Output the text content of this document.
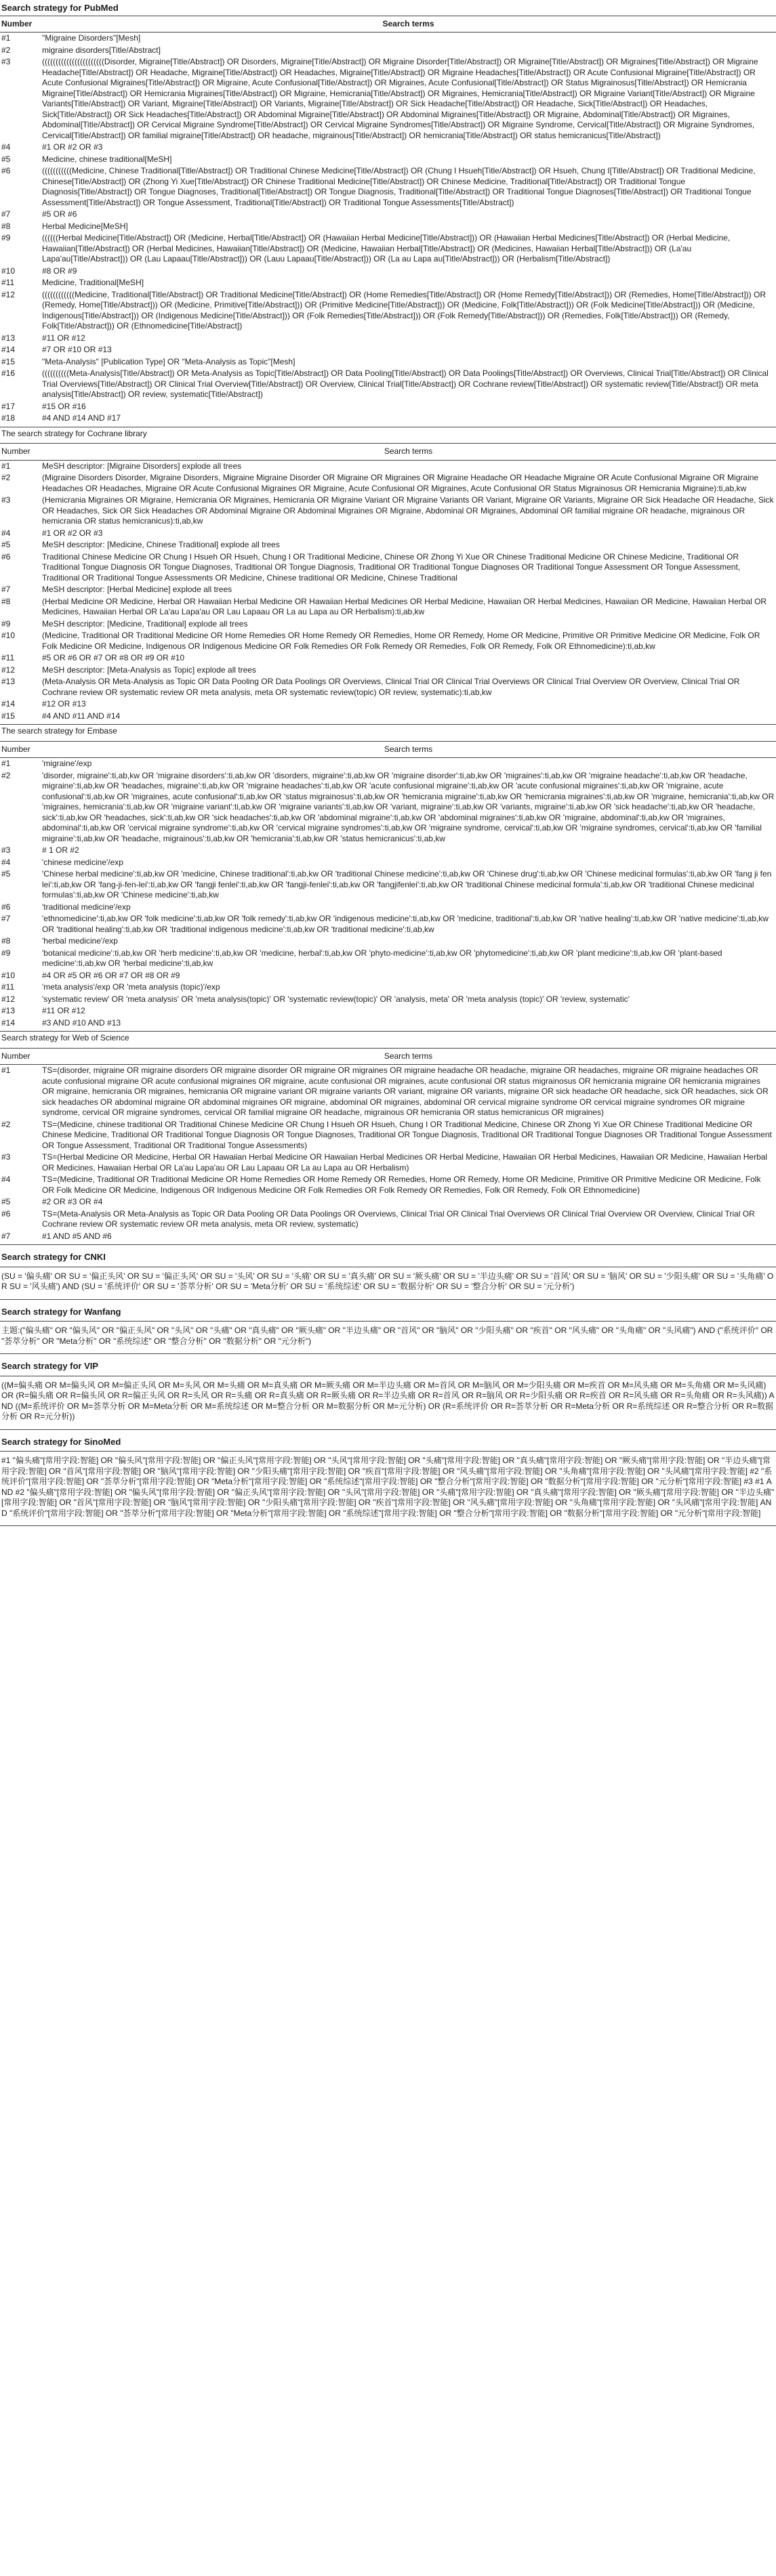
Search strategy for PubMed
Number	Search terms
#1	"Migraine Disorders"[Mesh]
#2	migraine disorders[Title/Abstract]
#3	(((((((((((((((((((((((Disorder, Migraine[Title/Abstract]) OR Disorders, Migraine[Title/Abstract]) OR Migraine Disorder[Title/Abstract]) OR Migraine[Title/Abstract]) OR Migraines[Title/Abstract]) OR Migraine Headache[Title/Abstract]) OR Headache, Migraine[Title/Abstract]) OR Headaches, Migraine[Title/Abstract]) OR Migraine Headaches[Title/Abstract]) OR Acute Confusional Migraine[Title/Abstract]) OR Acute Confusional Migraines[Title/Abstract]) OR Migraine, Acute Confusional[Title/Abstract]) OR Migraines, Acute Confusional[Title/Abstract]) OR Status Migrainosus[Title/Abstract]) OR Hemicrania Migraine[Title/Abstract]) OR Hemicrania Migraines[Title/Abstract]) OR Migraine, Hemicrania[Title/Abstract]) OR Migraines, Hemicrania[Title/Abstract]) OR Migraine Variant[Title/Abstract]) OR Migraine Variants[Title/Abstract]) OR Variant, Migraine[Title/Abstract]) OR Variants, Migraine[Title/Abstract]) OR Sick Headache[Title/Abstract]) OR Headache, Sick[Title/Abstract]) OR Headaches, Sick[Title/Abstract]) OR Sick Headaches[Title/Abstract]) OR Abdominal Migraine[Title/Abstract]) OR Abdominal Migraines[Title/Abstract]) OR Migraine, Abdominal[Title/Abstract]) OR Migraines, Abdominal[Title/Abstract]) OR Cervical Migraine Syndrome[Title/Abstract]) OR Cervical Migraine Syndromes[Title/Abstract]) OR Migraine Syndrome, Cervical[Title/Abstract]) OR Migraine Syndromes, Cervical[Title/Abstract]) OR familial migraine[Title/Abstract]) OR headache, migrainous[Title/Abstract]) OR hemicrania[Title/Abstract]) OR status hemicranicus[Title/Abstract])
#4	#1 OR #2 OR #3
#5	Medicine, chinese traditional[MeSH]
#6	(((((((((((Medicine, Chinese Traditional[Title/Abstract]) OR Traditional Chinese Medicine[Title/Abstract]) OR (Chung I Hsueh[Title/Abstract]) OR Hsueh, Chung I[Title/Abstract]) OR Traditional Medicine, Chinese[Title/Abstract]) OR (Zhong Yi Xue[Title/Abstract]) OR Chinese Traditional Medicine[Title/Abstract]) OR Chinese Medicine, Traditional[Title/Abstract]) OR Traditional Tongue Diagnosis[Title/Abstract]) OR Tongue Diagnoses, Traditional[Title/Abstract]) OR Tongue Diagnosis, Traditional[Title/Abstract]) OR Traditional Tongue Diagnoses[Title/Abstract]) OR Traditional Tongue Assessment[Title/Abstract]) OR Tongue Assessment, Traditional[Title/Abstract]) OR Traditional Tongue Assessments[Title/Abstract])
#7	#5 OR #6
#8	Herbal Medicine[MeSH]
#9	((((((Herbal Medicine[Title/Abstract]) OR (Medicine, Herbal[Title/Abstract]) OR (Hawaiian Herbal Medicine[Title/Abstract])) OR (Hawaiian Herbal Medicines[Title/Abstract]) OR (Herbal Medicine, Hawaiian[Title/Abstract]) OR (Herbal Medicines, Hawaiian[Title/Abstract]) OR (Medicine, Hawaiian Herbal[Title/Abstract]) OR (Medicines, Hawaiian Herbal[Title/Abstract])) OR (La'au Lapa'au[Title/Abstract])) OR (Lau Lapaau[Title/Abstract])) OR (Lauu Lapaau[Title/Abstract])) OR (La au Lapa au[Title/Abstract])) OR (Herbalism[Title/Abstract])
#10	#8 OR #9
#11	Medicine, Traditional[MeSH]
#12	((((((((((((Medicine, Traditional[Title/Abstract]) OR Traditional Medicine[Title/Abstract]) OR (Home Remedies[Title/Abstract]) OR (Home Remedy[Title/Abstract])) OR (Remedies, Home[Title/Abstract])) OR (Remedy, Home[Title/Abstract])) OR (Medicine, Primitive[Title/Abstract])) OR (Primitive Medicine[Title/Abstract])) OR (Medicine, Folk[Title/Abstract])) OR (Folk Medicine[Title/Abstract])) OR (Medicine, Indigenous[Title/Abstract])) OR (Indigenous Medicine[Title/Abstract])) OR (Folk Remedies[Title/Abstract])) OR (Folk Remedy[Title/Abstract])) OR (Remedies, Folk[Title/Abstract])) OR (Remedy, Folk[Title/Abstract])) OR (Ethnomedicine[Title/Abstract])
#13	#11 OR #12
#14	#7 OR #10 OR #13
#15	"Meta-Analysis" [Publication Type] OR "Meta-Analysis as Topic"[Mesh]
#16	((((((((((Meta-Analysis[Title/Abstract]) OR Meta-Analysis as Topic[Title/Abstract]) OR Data Pooling[Title/Abstract]) OR Data Poolings[Title/Abstract]) OR Overviews, Clinical Trial[Title/Abstract]) OR Clinical Trial Overviews[Title/Abstract]) OR Clinical Trial Overview[Title/Abstract]) OR Overview, Clinical Trial[Title/Abstract]) OR Cochrane review[Title/Abstract]) OR systematic review[Title/Abstract]) OR meta analysis[Title/Abstract]) OR review, systematic[Title/Abstract])
#17	#15 OR #16
#18	#4 AND #14 AND #17
The search strategy for Cochrane library
Number	Search terms
#1	MeSH descriptor: [Migraine Disorders] explode all trees
#2	(Migraine Disorders Disorder, Migraine Disorders, Migraine Migraine Disorder OR Migraine OR Migraines OR Migraine Headache OR Headache Migraine OR Acute Confusional Migraine OR Migraine Headaches OR Headaches, Migraine OR Acute Confusional Migraines OR Migraine, Acute Confusional OR Migraines, Acute Confusional OR Status Migrainosus OR Hemicrania Migraine):ti,ab,kw
#3	(Hemicrania Migraines OR Migraine, Hemicrania OR Migraines, Hemicrania OR Migraine Variant OR Migraine Variants OR Variant, Migraine OR Variants, Migraine OR Sick Headache OR Headache, Sick OR Headaches, Sick OR Sick Headaches OR Abdominal Migraine OR Abdominal Migraines OR Migraine, Abdominal OR Migraines, Abdominal OR familial migraine OR headache, migrainous OR hemicrania OR status hemicranicus):ti,ab,kw
#4	#1 OR #2 OR #3
#5	MeSH descriptor: [Medicine, Chinese Traditional] explode all trees
#6	Traditional Chinese Medicine OR Chung I Hsueh OR Hsueh, Chung I OR Traditional Medicine, Chinese OR Zhong Yi Xue OR Chinese Traditional Medicine OR Chinese Medicine, Traditional OR Traditional Tongue Diagnosis OR Tongue Diagnoses, Traditional OR Tongue Diagnosis, Traditional OR Traditional Tongue Diagnoses OR Traditional Tongue Assessment OR Tongue Assessment, Traditional OR Traditional Tongue Assessments OR Medicine, Chinese traditional OR Medicine, Chinese Traditional
#7	MeSH descriptor: [Herbal Medicine] explode all trees
#8	(Herbal Medicine OR Medicine, Herbal OR Hawaiian Herbal Medicine OR Hawaiian Herbal Medicines OR Herbal Medicine, Hawaiian OR Herbal Medicines, Hawaiian OR Medicine, Hawaiian Herbal OR Medicines, Hawaiian Herbal OR La'au Lapa'au OR Lau Lapaau OR La au Lapa au OR Herbalism):ti,ab,kw
#9	MeSH descriptor: [Medicine, Traditional] explode all trees
#10	(Medicine, Traditional OR Traditional Medicine OR Home Remedies OR Home Remedy OR Remedies, Home OR Remedy, Home OR Medicine, Primitive OR Primitive Medicine OR Medicine, Folk OR Folk Medicine OR Medicine, Indigenous OR Indigenous Medicine OR Folk Remedies OR Folk Remedy OR Remedies, Folk OR Remedy, Folk OR Ethnomedicine):ti,ab,kw
#11	#5 OR #6 OR #7 OR #8 OR #9 OR #10
#12	MeSH descriptor: [Meta-Analysis as Topic] explode all trees
#13	(Meta-Analysis OR Meta-Analysis as Topic OR Data Pooling OR Data Poolings OR Overviews, Clinical Trial OR Clinical Trial Overviews OR Clinical Trial Overview OR Overview, Clinical Trial OR Cochrane review OR systematic review OR meta analysis, meta OR systematic review(topic) OR review, systematic):ti,ab,kw
#14	#12 OR #13
#15	#4 AND #11 AND #14
The search strategy for Embase
Number	Search terms
#1	'migraine'/exp
#2	'disorder, migraine':ti,ab,kw OR 'migraine disorders':ti,ab,kw OR 'disorders, migraine':ti,ab,kw OR 'migraine disorder':ti,ab,kw OR 'migraines':ti,ab,kw OR 'migraine headache':ti,ab,kw OR 'headache, migraine':ti,ab,kw OR 'headaches, migraine':ti,ab,kw OR 'migraine headaches':ti,ab,kw OR 'acute confusional migraine':ti,ab,kw OR 'acute confusional migraines':ti,ab,kw OR 'migraine, acute confusional':ti,ab,kw OR 'migraines, acute confusional':ti,ab,kw OR 'status migrainosus':ti,ab,kw OR 'hemicrania migraine':ti,ab,kw OR 'hemicrania migraines':ti,ab,kw OR 'migraine, hemicrania':ti,ab,kw OR 'migraines, hemicrania':ti,ab,kw OR 'migraine variant':ti,ab,kw OR 'migraine variants':ti,ab,kw OR 'variant, migraine':ti,ab,kw OR 'variants, migraine':ti,ab,kw OR 'sick headache':ti,ab,kw OR 'headache, sick':ti,ab,kw OR 'headaches, sick':ti,ab,kw OR 'sick headaches':ti,ab,kw OR 'abdominal migraine':ti,ab,kw OR 'abdominal migraines':ti,ab,kw OR 'migraine, abdominal':ti,ab,kw OR 'migraines, abdominal':ti,ab,kw OR 'cervical migraine syndrome':ti,ab,kw OR 'cervical migraine syndromes':ti,ab,kw OR 'migraine syndrome, cervical':ti,ab,kw OR 'migraine syndromes, cervical':ti,ab,kw OR 'familial migraine':ti,ab,kw OR 'headache, migrainous':ti,ab,kw OR 'hemicrania':ti,ab,kw OR 'status hemicranicus':ti,ab,kw
#3	# 1 OR #2
#4	'chinese medicine'/exp
#5	'Chinese herbal medicine':ti,ab,kw OR 'medicine, Chinese traditional':ti,ab,kw OR 'traditional Chinese medicine':ti,ab,kw OR 'Chinese drug':ti,ab,kw OR 'Chinese medicinal formulas':ti,ab,kw OR 'fang ji fen lei':ti,ab,kw OR 'fang-ji-fen-lei':ti,ab,kw OR 'fangji fenlei':ti,ab,kw OR 'fangji-fenlei':ti,ab,kw OR 'fangjifenlei':ti,ab,kw OR 'traditional Chinese medicinal formula':ti,ab,kw OR 'traditional Chinese medicinal formulas':ti,ab,kw OR 'Chinese medicine':ti,ab,kw
#6	'traditional medicine'/exp
#7	'ethnomedicine':ti,ab,kw OR 'folk medicine':ti,ab,kw OR 'folk remedy':ti,ab,kw OR 'indigenous medicine':ti,ab,kw OR 'medicine, traditional':ti,ab,kw OR 'native healing':ti,ab,kw OR 'native medicine':ti,ab,kw OR 'traditional healing':ti,ab,kw OR 'traditional indigenous medicine':ti,ab,kw OR 'traditional medicine':ti,ab,kw
#8	'herbal medicine'/exp
#9	'botanical medicine':ti,ab,kw OR 'herb medicine':ti,ab,kw OR 'medicine, herbal':ti,ab,kw OR 'phyto-medicine':ti,ab,kw OR 'phytomedicine':ti,ab,kw OR 'plant medicine':ti,ab,kw OR 'plant-based medicine':ti,ab,kw OR 'herbal medicine':ti,ab,kw
#10	#4 OR #5 OR #6 OR #7 OR #8 OR #9
#11	'meta analysis'/exp OR 'meta analysis (topic)'/exp
#12	'systematic review' OR 'meta analysis' OR 'meta analysis(topic)' OR 'systematic review(topic)' OR 'analysis, meta' OR 'meta analysis (topic)' OR 'review, systematic'
#13	#11 OR #12
#14	#3 AND #10 AND #13
Search strategy for Web of Science
Number	Search terms
#1	TS=(disorder, migraine OR migraine disorders OR migraine disorder OR migraine OR migraines OR migraine headache OR headache, migraine OR headaches, migraine OR migraine headaches OR acute confusional migraine OR acute confusional migraines OR migraine, acute confusional OR migraines, acute confusional OR status migrainosus OR hemicrania migraine OR hemicrania migraines OR migraine, hemicrania OR migraines, hemicrania OR migraine variant OR migraine variants OR variant, migraine OR variants, migraine OR sick headache OR headache, sick OR headaches, sick OR sick headaches OR abdominal migraine OR abdominal migraines OR migraine, abdominal OR migraines, abdominal OR cervical migraine syndrome OR cervical migraine syndromes OR migraine syndrome, cervical OR migraine syndromes, cervical OR familial migraine OR headache, migrainous OR hemicrania OR status hemicranicus OR migraines)
#2	TS=(Medicine, chinese traditional OR Traditional Chinese Medicine OR Chung I Hsueh OR Hsueh, Chung I OR Traditional Medicine, Chinese OR Zhong Yi Xue OR Chinese Traditional Medicine OR Chinese Medicine, Traditional OR Traditional Tongue Diagnosis OR Tongue Diagnoses, Traditional OR Tongue Diagnosis, Traditional OR Traditional Tongue Diagnoses OR Traditional Tongue Assessment OR Tongue Assessment, Traditional OR Traditional Tongue Assessments)
#3	TS=(Herbal Medicine OR Medicine, Herbal OR Hawaiian Herbal Medicine OR Hawaiian Herbal Medicines OR Herbal Medicine, Hawaiian OR Herbal Medicines, Hawaiian OR Medicine, Hawaiian Herbal OR Medicines, Hawaiian Herbal OR La'au Lapa'au OR Lau Lapaau OR La au Lapa au OR Herbalism)
#4	TS=(Medicine, Traditional OR Traditional Medicine OR Home Remedies OR Home Remedy OR Remedies, Home OR Remedy, Home OR Medicine, Primitive OR Primitive Medicine OR Medicine, Folk OR Folk Medicine OR Medicine, Indigenous OR Indigenous Medicine OR Folk Remedies OR Folk Remedy OR Remedies, Folk OR Remedy, Folk OR Ethnomedicine)
#5	#2 OR #3 OR #4
#6	TS=(Meta-Analysis OR Meta-Analysis as Topic OR Data Pooling OR Data Poolings OR Overviews, Clinical Trial OR Clinical Trial Overviews OR Clinical Trial Overview OR Overview, Clinical Trial OR Cochrane review OR systematic review OR meta analysis, meta OR review, systematic)
#7	#1 AND #5 AND #6
Search strategy for CNKI
(SU = '偏头痛' OR SU = '偏正头风' OR SU = '偏正头风' OR SU = '头风' OR SU = '头痛' OR SU = '真头痛' OR SU = '厥头痛' OR SU = '半边头痛' OR SU = '首风' OR SU = '脑风' OR SU = '少阳头痛' OR SU = '头角痛' OR SU = '风头痛') AND (SU = '系统评价' OR SU = '荟萃分析' OR SU = 'Meta分析' OR SU = '系统综述' OR SU = '数据分析' OR SU = '整合分析' OR SU = '元分析')
Search strategy for Wanfang
主题:("偏头痛" OR "偏头风" OR "偏正头风" OR "头风" OR "头痛" OR "真头痛" OR "厥头痛" OR "半边头痛" OR "首风" OR "脑风" OR "少阳头痛" OR "疾首" OR "风头痛" OR "头角痛" OR "头风痛") AND ("系统评价" OR "荟萃分析" OR "Meta分析" OR "系统综述" OR "整合分析" OR "数据分析" OR "元分析")
Search strategy for VIP
((M=偏头痛 OR M=偏头风 OR M=偏正头风 OR M=头风 OR M=头痛 OR M=真头痛 OR M=厥头痛 OR M=半边头痛 OR M=首风 OR M=脑风 OR M=少阳头痛 OR M=疾首 OR M=风头痛 OR M=头角痛 OR M=头风痛) OR (R=偏头痛 OR R=偏头风 OR R=偏正头风 OR R=头风 OR R=头痛 OR R=真头痛 OR R=厥头痛 OR R=半边头痛 OR R=首风 OR R=脑风 OR R=少阳头痛 OR R=疾首 OR R=风头痛 OR R=头角痛 OR R=头风痛)) AND ((M=系统评价 OR M=荟萃分析 OR M=Meta分析 OR M=系统综述 OR M=整合分析 OR M=数据分析 OR M=元分析) OR (R=系统评价 OR R=荟萃分析 OR R=Meta分析 OR R=系统综述 OR R=整合分析 OR R=数据分析 OR R=元分析))
Search strategy for SinoMed
#1 "偏头痛"[常用字段:智能] OR "偏头风"[常用字段:智能] OR "偏正头风"[常用字段:智能] OR "头风"[常用字段:智能] OR "头痛"[常用字段:智能] OR "真头痛"[常用字段:智能] OR "厥头痛"[常用字段:智能] OR "半边头痛"[常用字段:智能] OR "首风"[常用字段:智能] OR "脑风"[常用字段:智能] OR "少阳头痛"[常用字段:智能] OR "疾首"[常用字段:智能] OR "风头痛"[常用字段:智能] OR "头角痛"[常用字段:智能] OR "头风痛"[常用字段:智能] #2 "系统评价"[常用字段:智能] OR "荟萃分析"[常用字段:智能] OR "Meta分析"[常用字段:智能] OR "系统综述"[常用字段:智能] OR "整合分析"[常用字段:智能] OR "数据分析"[常用字段:智能] OR "元分析"[常用字段:智能] #3 #1 AND #2 "偏头痛"[常用字段:智能] OR "偏头风"[常用字段:智能] OR "偏正头风"[常用字段:智能] OR "头风"[常用字段:智能] OR "头痛"[常用字段:智能] OR "真头痛"[常用字段:智能] OR "厥头痛"[常用字段:智能] OR "半边头痛"[常用字段:智能] OR "首风"[常用字段:智能] OR "脑风"[常用字段:智能] OR "少阳头痛"[常用字段:智能] OR "疾首"[常用字段:智能] OR "风头痛"[常用字段:智能] OR "头角痛"[常用字段:智能] OR "头风痛"[常用字段:智能] AND "系统评价"[常用字段:智能] OR "荟萃分析"[常用字段:智能] OR "Meta分析"[常用字段:智能] OR "系统综述"[常用字段:智能] OR "整合分析"[常用字段:智能] OR "数据分析"[常用字段:智能] OR "元分析"[常用字段:智能]
